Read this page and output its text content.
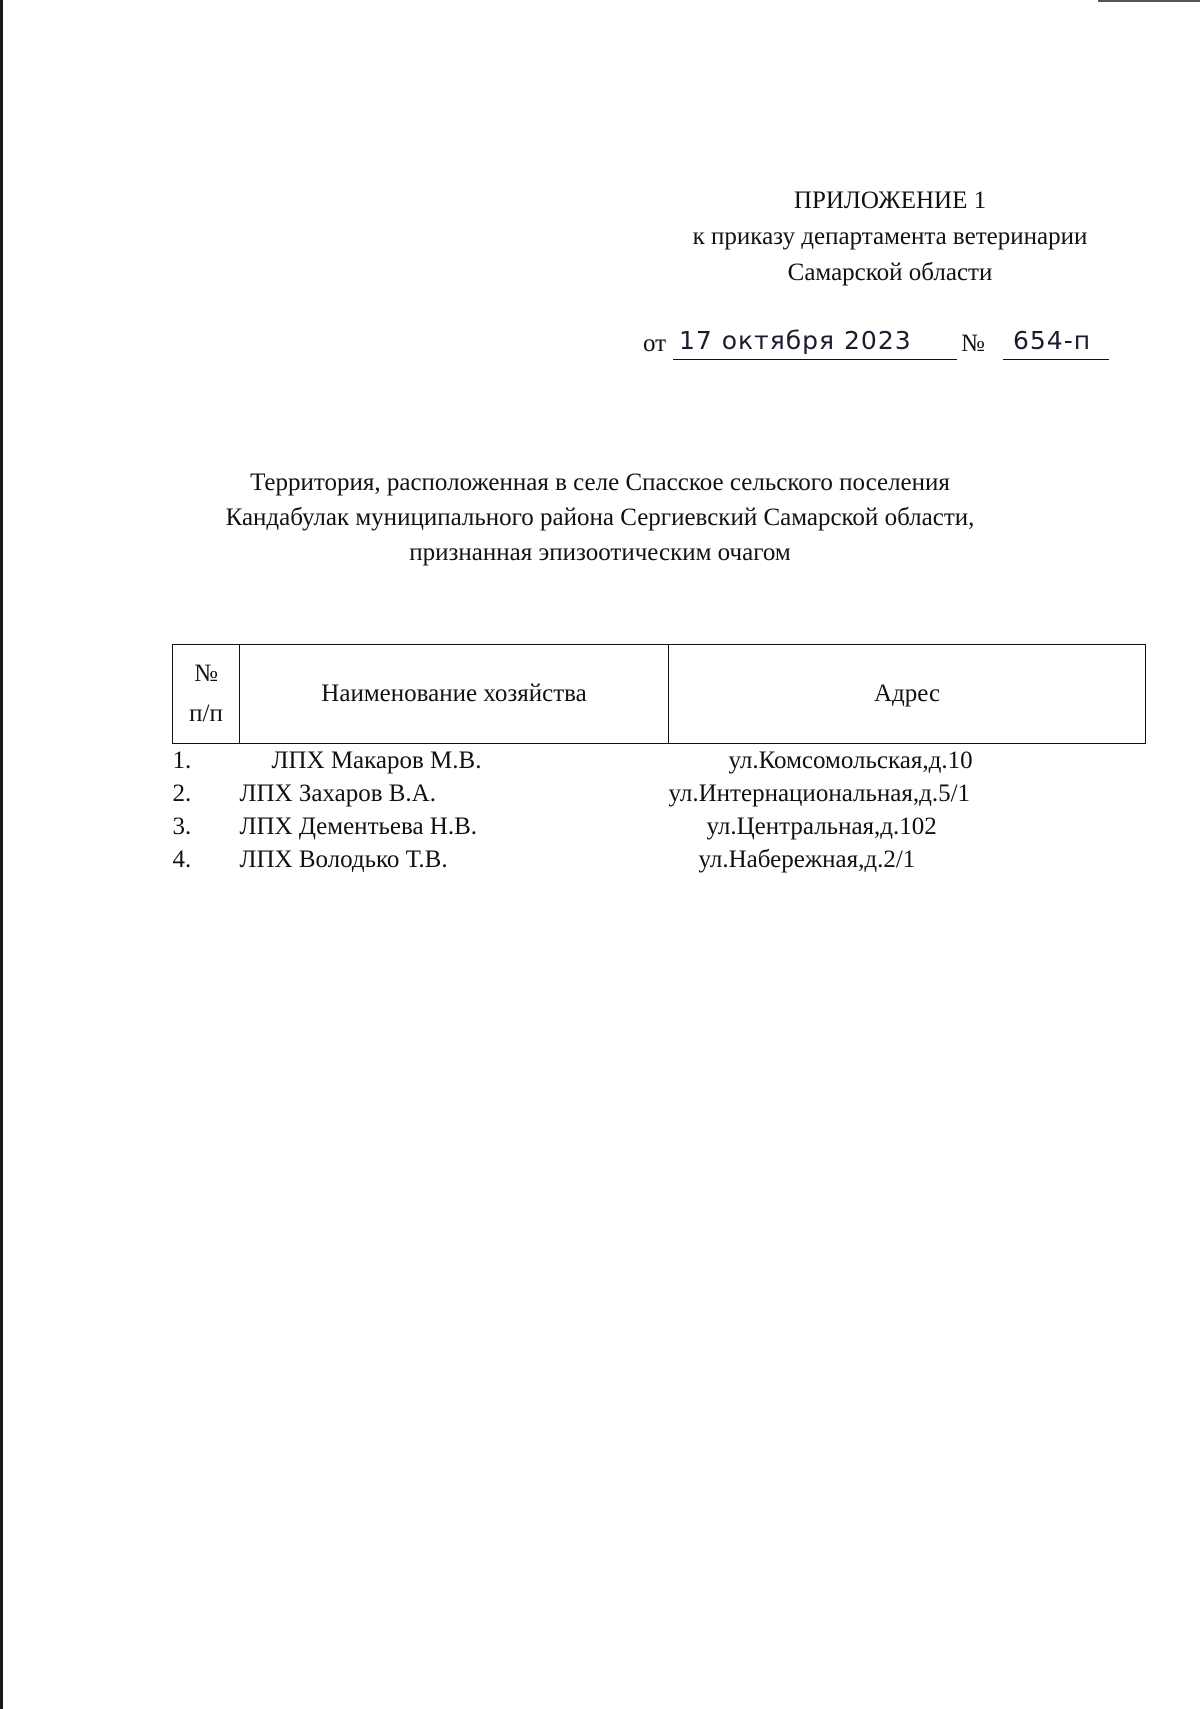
ПРИЛОЖЕНИЕ 1
к приказу департамента ветеринарии
Самарской области
от 17 октября 2023 № 654-п
Территория, расположенная в селе Спасское сельского поселения
Кандабулак муниципального района Сергиевский Самарской области,
признанная эпизоотическим очагом
№
п/п	Наименование хозяйства	Адрес
1.	ЛПХ Макаров М.В.	ул.Комсомольская,д.10
2.	ЛПХ Захаров В.А.	ул.Интернациональная,д.5/1
3.	ЛПХ Дементьева Н.В.	ул.Центральная,д.102
4.	ЛПХ Володько Т.В.	ул.Набережная,д.2/1
